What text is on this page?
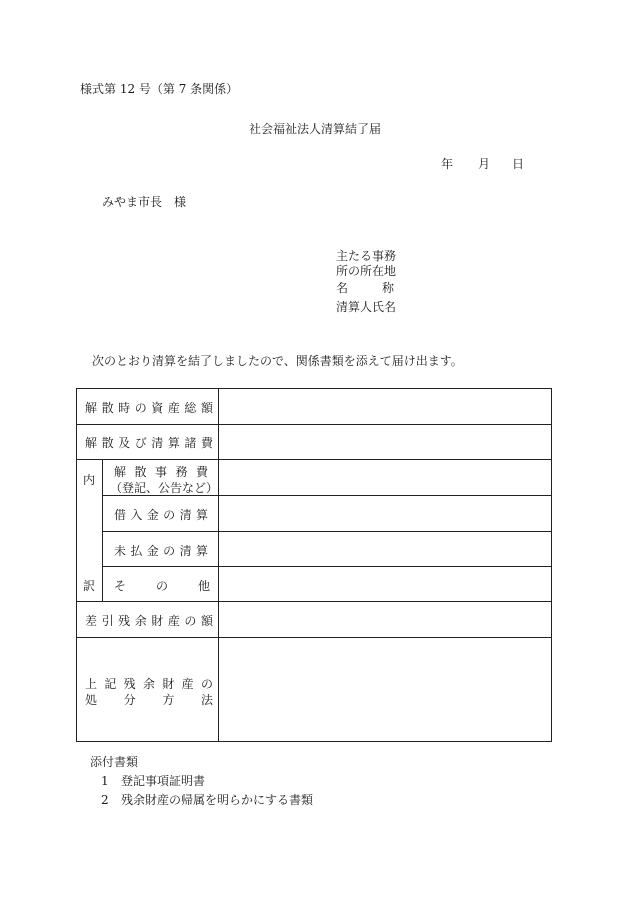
様式第 12 号（第 7 条関係）
社会福祉法人清算結了届
年 月 日
みやま市長　様
主たる事務
所の所在地
名	称
清算人氏名
次のとおり清算を結了しましたので、関係書類を添えて届け出ます。
解 散 時 の 資 産 総 額
解 散 及 び 清 算 諸 費
内
訳
解 散 事 務 費
（登記、公告など）
借 入 金 の 清 算
未 払 金 の 清 算
そ の 他
差 引 残 余 財 産 の 額
上 記 残 余 財 産 の
処 分 方 法
添付書類
1 登記事項証明書
2 残余財産の帰属を明らかにする書類
